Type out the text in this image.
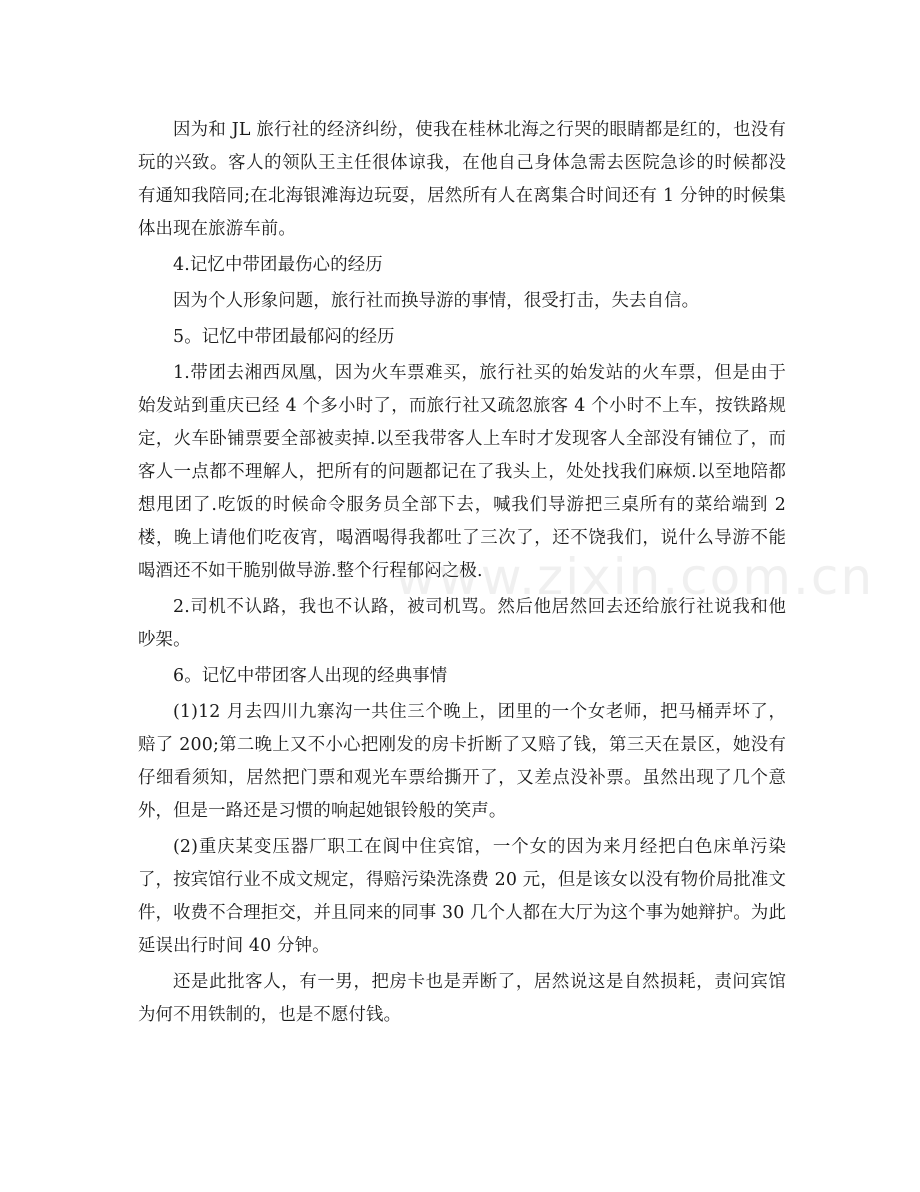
因为和 JL 旅行社的经济纠纷，使我在桂林北海之行哭的眼睛都是红的，也没有玩的兴致。客人的领队王主任很体谅我，在他自己身体急需去医院急诊的时候都没有通知我陪同;在北海银滩海边玩耍，居然所有人在离集合时间还有 1 分钟的时候集体出现在旅游车前。

4.记忆中带团最伤心的经历

因为个人形象问题，旅行社而换导游的事情，很受打击，失去自信。

5。记忆中带团最郁闷的经历

1.带团去湘西凤凰，因为火车票难买，旅行社买的始发站的火车票，但是由于始发站到重庆已经 4 个多小时了，而旅行社又疏忽旅客 4 个小时不上车，按铁路规定，火车卧铺票要全部被卖掉.以至我带客人上车时才发现客人全部没有铺位了，而客人一点都不理解人，把所有的问题都记在了我头上，处处找我们麻烦.以至地陪都想甩团了.吃饭的时候命令服务员全部下去，喊我们导游把三桌所有的菜给端到 2 楼，晚上请他们吃夜宵，喝酒喝得我都吐了三次了，还不饶我们，说什么导游不能喝酒还不如干脆别做导游.整个行程郁闷之极.

2.司机不认路，我也不认路，被司机骂。然后他居然回去还给旅行社说我和他吵架。

6。记忆中带团客人出现的经典事情

(1)12 月去四川九寨沟一共住三个晚上，团里的一个女老师，把马桶弄坏了，赔了 200;第二晚上又不小心把刚发的房卡折断了又赔了钱，第三天在景区，她没有仔细看须知，居然把门票和观光车票给撕开了，又差点没补票。虽然出现了几个意外，但是一路还是习惯的响起她银铃般的笑声。

(2)重庆某变压器厂职工在阆中住宾馆，一个女的因为来月经把白色床单污染了，按宾馆行业不成文规定，得赔污染洗涤费 20 元，但是该女以没有物价局批准文件，收费不合理拒交，并且同来的同事 30 几个人都在大厅为这个事为她辩护。为此延误出行时间 40 分钟。

还是此批客人，有一男，把房卡也是弄断了，居然说这是自然损耗，责问宾馆为何不用铁制的，也是不愿付钱。

www.zixin.com.cn
